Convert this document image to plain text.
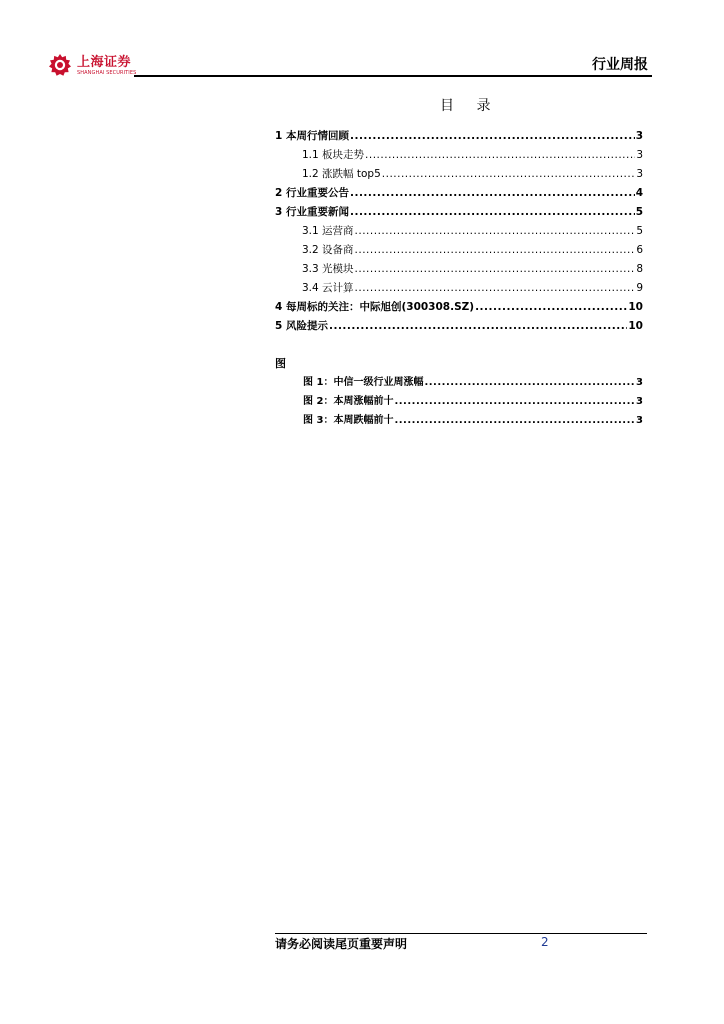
上海证券
SHANGHAI SECURITIES	行业周报
目 录
1 本周行情回顾 .....	3
1.1 板块走势 .....	3
1.2 涨跌幅 top5 .....	3
2 行业重要公告 .....	4
3 行业重要新闻 .....	5
3.1 运营商 .....	5
3.2 设备商 .....	6
3.3 光模块 .....	8
3.4 云计算 .....	9
4 每周标的关注：中际旭创(300308.SZ) .....	10
5 风险提示 .....	10
图
图 1：中信一级行业周涨幅 .....	3
图 2：本周涨幅前十 .....	3
图 3：本周跌幅前十 .....	3
请务必阅读尾页重要声明	2
